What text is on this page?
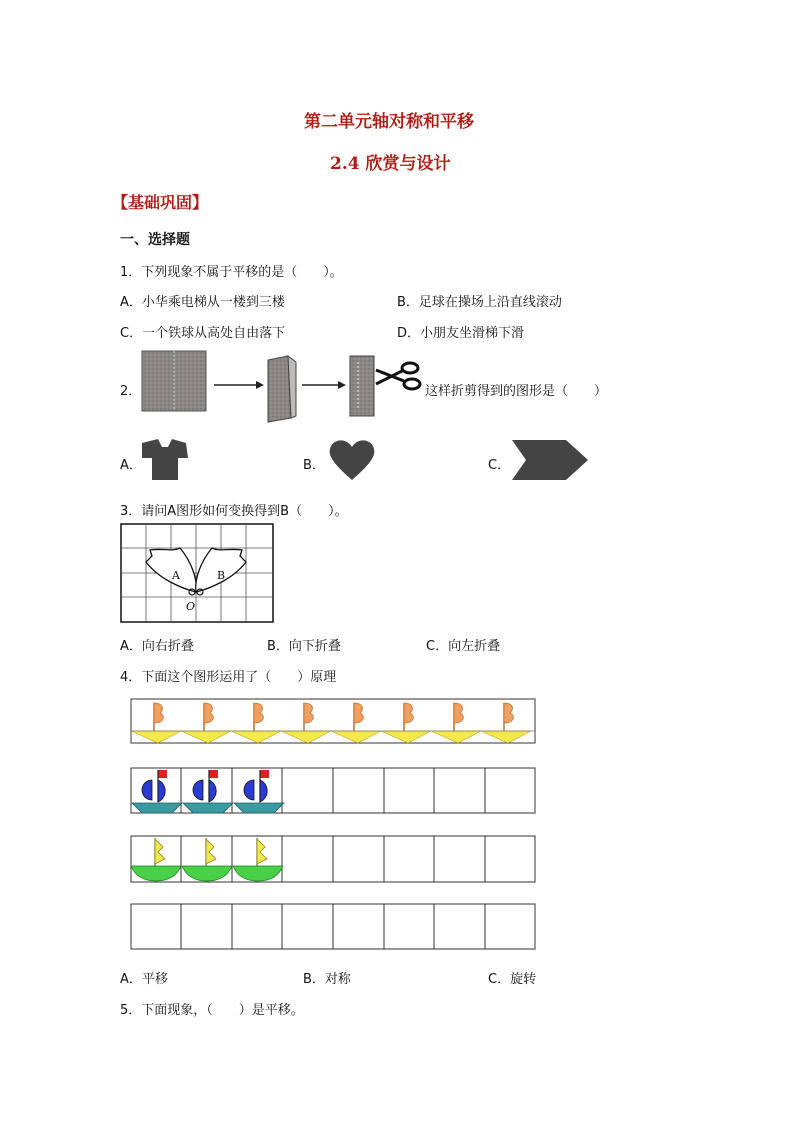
第二单元轴对称和平移
2.4 欣赏与设计
【基础巩固】
一、选择题
1．下列现象不属于平移的是（　　）。
A．小华乘电梯从一楼到三楼	B．足球在操场上沿直线滚动
C．一个铁球从高处自由落下	D．小朋友坐滑梯下滑
2．
A	B
O
这样折剪得到的图形是（　　）
A．	B．	C．
3．请问A图形如何变换得到B（　　）。
A．向右折叠	B．向下折叠	C．向左折叠
4．下面这个图形运用了（　　）原理
A．平移	B．对称	C．旋转
5．下面现象，（　　）是平移。
